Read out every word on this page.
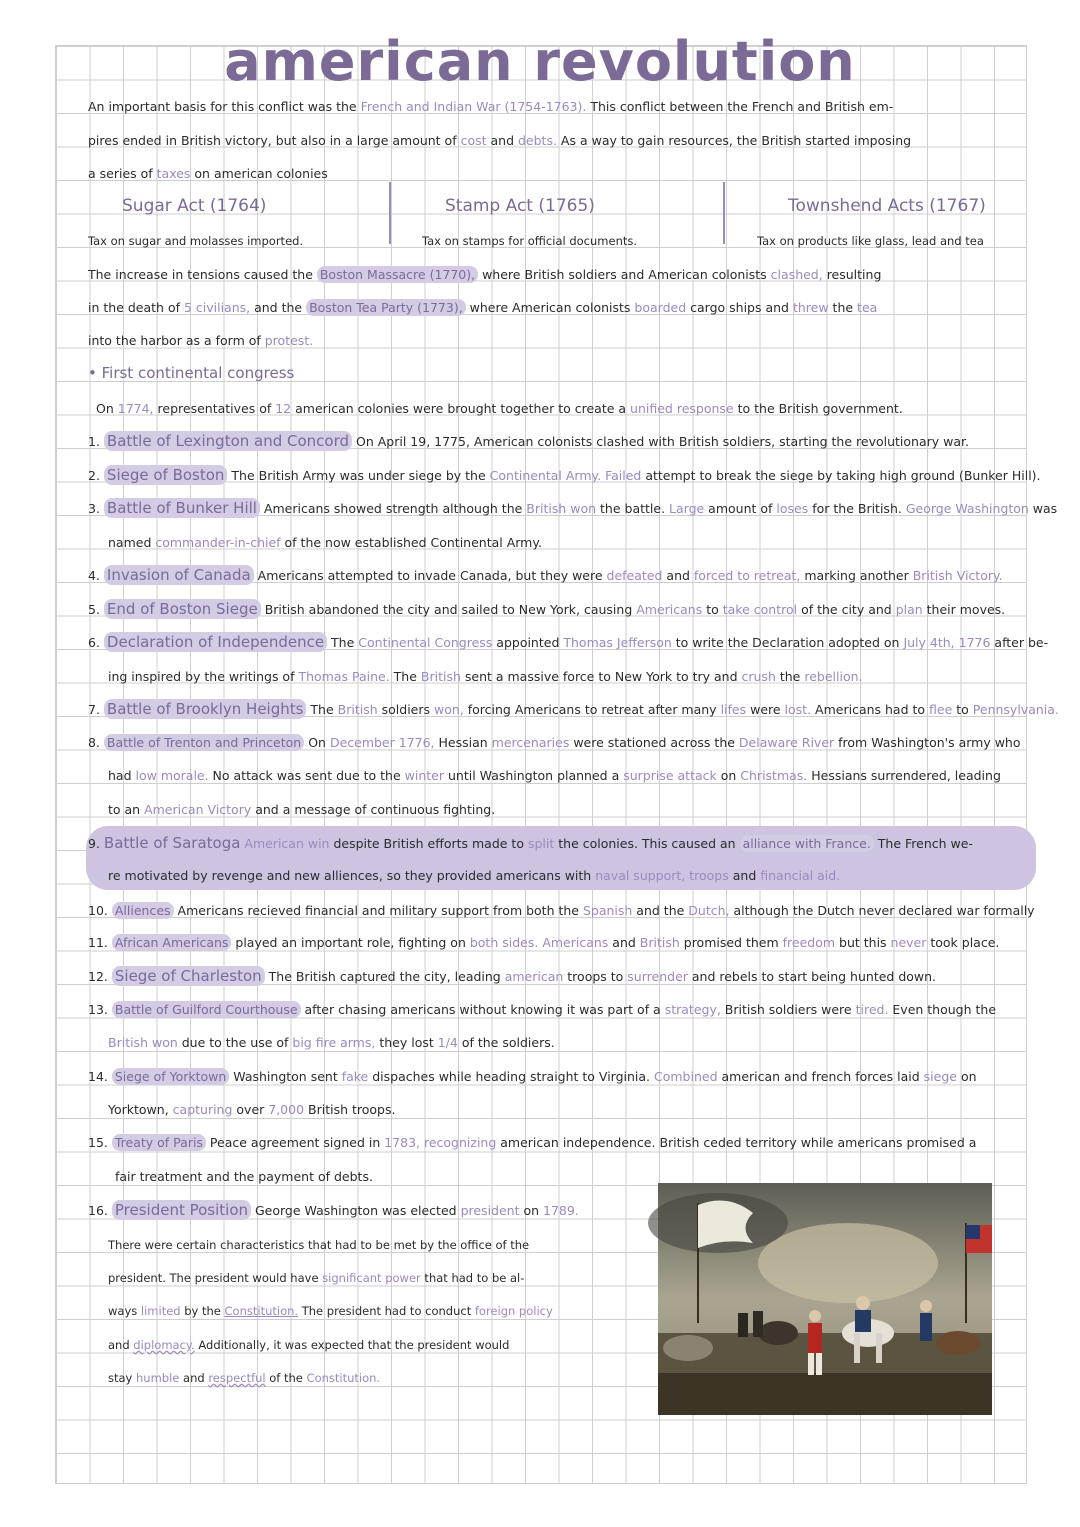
american revolution
An important basis for this conflict was the French and Indian War (1754-1763). This conflict between the French and British em-
pires ended in British victory, but also in a large amount of cost and debts. As a way to gain resources, the British started imposing
a series of taxes on american colonies
Sugar Act (1764)	Stamp Act (1765)	Townshend Acts (1767)
Tax on sugar and molasses imported.	Tax on stamps for official documents.	Tax on products like glass, lead and tea
The increase in tensions caused the Boston Massacre (1770), where British soldiers and American colonists clashed, resulting
in the death of 5 civilians, and the Boston Tea Party (1773), where American colonists boarded cargo ships and threw the tea
into the harbor as a form of protest.
• First continental congress
On 1774, representatives of 12 american colonies were brought together to create a unified response to the British government.
1. Battle of Lexington and Concord On April 19, 1775, American colonists clashed with British soldiers, starting the revolutionary war.
2. Siege of Boston The British Army was under siege by the Continental Army. Failed attempt to break the siege by taking high ground (Bunker Hill).
3. Battle of Bunker Hill Americans showed strength although the British won the battle. Large amount of loses for the British. George Washington was
named commander-in-chief of the now established Continental Army.
4. Invasion of Canada Americans attempted to invade Canada, but they were defeated and forced to retreat, marking another British Victory.
5. End of Boston Siege British abandoned the city and sailed to New York, causing Americans to take control of the city and plan their moves.
6. Declaration of Independence The Continental Congress appointed Thomas Jefferson to write the Declaration adopted on July 4th, 1776 after be-
ing inspired by the writings of Thomas Paine. The British sent a massive force to New York to try and crush the rebellion.
7. Battle of Brooklyn Heights The British soldiers won, forcing Americans to retreat after many lifes were lost. Americans had to flee to Pennsylvania.
8. Battle of Trenton and Princeton On December 1776, Hessian mercenaries were stationed across the Delaware River from Washington's army who
had low morale. No attack was sent due to the winter until Washington planned a surprise attack on Christmas. Hessians surrendered, leading
to an American Victory and a message of continuous fighting.
9. Battle of Saratoga American win despite British efforts made to split the colonies. This caused an alliance with France. The French we-
re motivated by revenge and new alliences, so they provided americans with naval support, troops and financial aid.
10. Alliences Americans recieved financial and military support from both the Spanish and the Dutch, although the Dutch never declared war formally
11. African Americans played an important role, fighting on both sides. Americans and British promised them freedom but this never took place.
12. Siege of Charleston The British captured the city, leading american troops to surrender and rebels to start being hunted down.
13. Battle of Guilford Courthouse after chasing americans without knowing it was part of a strategy, British soldiers were tired. Even though the
British won due to the use of big fire arms, they lost 1/4 of the soldiers.
14. Siege of Yorktown Washington sent fake dispaches while heading straight to Virginia. Combined american and french forces laid siege on
Yorktown, capturing over 7,000 British troops.
15. Treaty of Paris Peace agreement signed in 1783, recognizing american independence. British ceded territory while americans promised a
fair treatment and the payment of debts.
16. President Position George Washington was elected president on 1789.
There were certain characteristics that had to be met by the office of the
president. The president would have significant power that had to be al-
ways limited by the Constitution. The president had to conduct foreign policy
and diplomacy. Additionally, it was expected that the president would
stay humble and respectful of the Constitution.
